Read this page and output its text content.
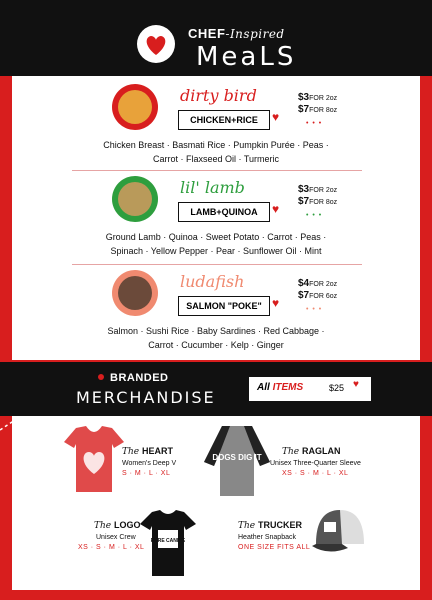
CHEF-Inspired
MeaLS
dirty bird
CHICKEN+RICE	♥
$3FOR 2oz
$7FOR 8oz
• • •
Chicken Breast · Basmati Rice · Pumpkin Purée · Peas ·
Carrot · Flaxseed Oil · Turmeric
lil' lamb
LAMB+QUINOA	♥
$3FOR 2oz
$7FOR 8oz
• • •
Ground Lamb · Quinoa · Sweet Potato · Carrot · Peas ·
Spinach · Yellow Pepper · Pear · Sunflower Oil · Mint
ludafish
SALMON "POKE" ♥
$4FOR 2oz
$7FOR 6oz
• • •
Salmon · Sushi Rice · Baby Sardines · Red Cabbage ·
Carrot · Cucumber · Kelp · Ginger
BRANDED
MERCHANDISE
All ITEMS	$25 ♥
The HEART
Women's Deep V
S · M · L · XL
DOGS DIG IT
The RAGLAN
Unisex Three-Quarter Sleeve
XS · S · M · L · XL
PURE CANINE
The LOGO
Unisex Crew
XS · S · M · L · XL
The TRUCKER
Heather Snapback
ONE SIZE FITS ALL
